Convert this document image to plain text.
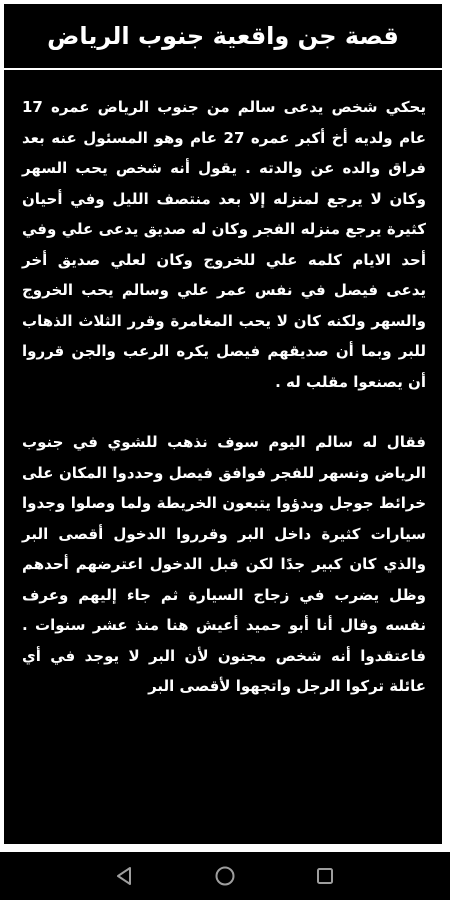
قصة جن واقعية جنوب الرياض

يحكي شخص يدعى سالم من جنوب الرياض عمره 17 عام ولديه أخ أكبر عمره 27 عام وهو المسئول عنه بعد فراق والده عن والدته . يقول أنه شخص يحب السهر وكان لا يرجع لمنزله إلا بعد منتصف الليل وفي أحيان كثيرة يرجع منزله الفجر وكان له صديق يدعى علي وفي أحد الايام كلمه علي للخروج وكان لعلي صديق أخر يدعى فيصل في نفس عمر علي وسالم يحب الخروج والسهر ولكنه كان لا يحب المغامرة وقرر الثلاث الذهاب للبر وبما أن صديقهم فيصل يكره الرعب والجن قرروا أن يصنعوا مقلب له .

فقال له سالم اليوم سوف نذهب للشوي في جنوب الرياض ونسهر للفجر فوافق فيصل وحددوا المكان على خرائط جوجل وبدؤوا يتبعون الخريطة ولما وصلوا وجدوا سيارات كثيرة داخل البر وقرروا الدخول أقصى البر والذي كان كبير جدًا لكن قبل الدخول اعترضهم أحدهم وظل يضرب في زجاج السيارة ثم جاء إليهم وعرف نفسه وقال أنا أبو حميد أعيش هنا منذ عشر سنوات . فاعتقدوا أنه شخص مجنون لأن البر لا يوجد في أي عائلة تركوا الرجل واتجهوا لأقصى البر
